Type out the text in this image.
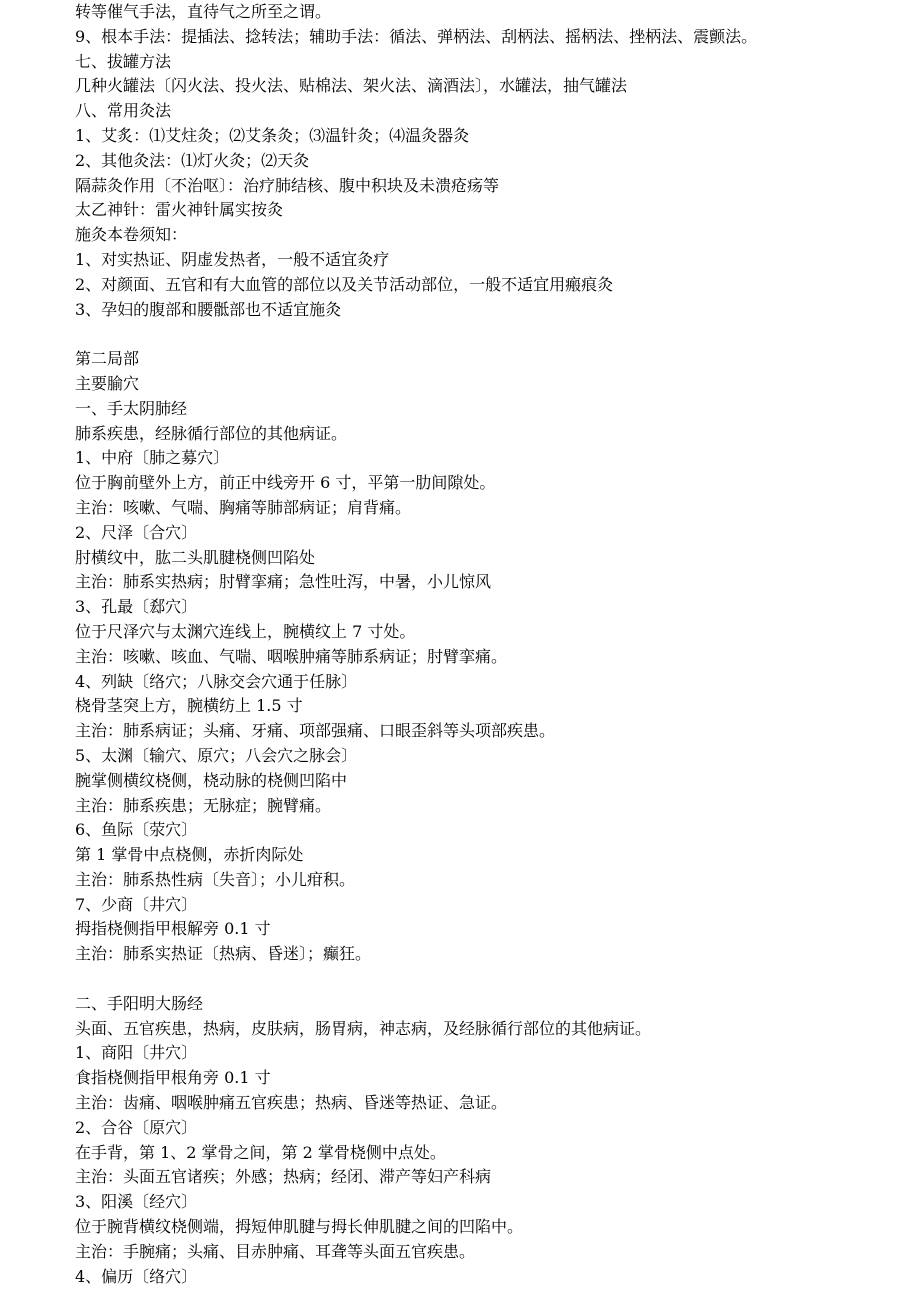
转等催气手法，直待气之所至之谓。
9、根本手法：提插法、捻转法；辅助手法：循法、弹柄法、刮柄法、摇柄法、挫柄法、震颤法。
七、拔罐方法
几种火罐法〔闪火法、投火法、贴棉法、架火法、滴酒法〕，水罐法，抽气罐法
八、常用灸法
1、艾炙：⑴艾炷灸；⑵艾条灸；⑶温针灸；⑷温灸器灸
2、其他灸法：⑴灯火灸；⑵天灸
隔蒜灸作用〔不治呕〕：治疗肺结核、腹中积块及未溃疮疡等
太乙神针：雷火神针属实按灸
施灸本卷须知：
1、对实热证、阴虚发热者，一般不适宜灸疗
2、对颜面、五官和有大血管的部位以及关节活动部位，一般不适宜用瘢痕灸
3、孕妇的腹部和腰骶部也不适宜施灸
第二局部
主要腧穴
一、手太阴肺经
肺系疾患，经脉循行部位的其他病证。
1、中府〔肺之募穴〕
位于胸前壁外上方，前正中线旁开 6 寸，平第一肋间隙处。
主治：咳嗽、气喘、胸痛等肺部病证；肩背痛。
2、尺泽〔合穴〕
肘横纹中，肱二头肌腱桡侧凹陷处
主治：肺系实热病；肘臂挛痛；急性吐泻，中暑，小儿惊风
3、孔最〔郄穴〕
位于尺泽穴与太渊穴连线上，腕横纹上 7 寸处。
主治：咳嗽、咳血、气喘、咽喉肿痛等肺系病证；肘臂挛痛。
4、列缺〔络穴；八脉交会穴通于任脉〕
桡骨茎突上方，腕横纺上 1.5 寸
主治：肺系病证；头痛、牙痛、项部强痛、口眼歪斜等头项部疾患。
5、太渊〔输穴、原穴；八会穴之脉会〕
腕掌侧横纹桡侧，桡动脉的桡侧凹陷中
主治：肺系疾患；无脉症；腕臂痛。
6、鱼际〔荥穴〕
第 1 掌骨中点桡侧，赤折肉际处
主治：肺系热性病〔失音〕；小儿疳积。
7、少商〔井穴〕
拇指桡侧指甲根解旁 0.1 寸
主治：肺系实热证〔热病、昏迷〕；癫狂。
二、手阳明大肠经
头面、五官疾患，热病，皮肤病，肠胃病，神志病，及经脉循行部位的其他病证。
1、商阳〔井穴〕
食指桡侧指甲根角旁 0.1 寸
主治：齿痛、咽喉肿痛五官疾患；热病、昏迷等热证、急证。
2、合谷〔原穴〕
在手背，第 1、2 掌骨之间，第 2 掌骨桡侧中点处。
主治：头面五官诸疾；外感；热病；经闭、滞产等妇产科病
3、阳溪〔经穴〕
位于腕背横纹桡侧端，拇短伸肌腱与拇长伸肌腱之间的凹陷中。
主治：手腕痛；头痛、目赤肿痛、耳聋等头面五官疾患。
4、偏历〔络穴〕
